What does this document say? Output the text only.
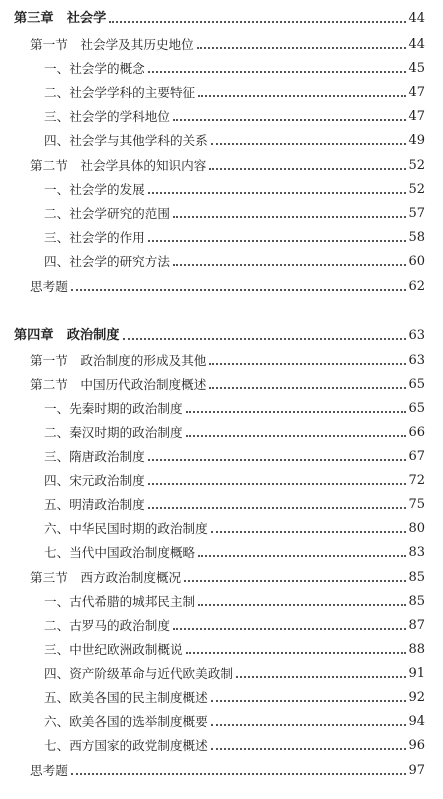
第三章　社会学	44
第一节　社会学及其历史地位	44
一、社会学的概念	45
二、社会学学科的主要特征	47
三、社会学的学科地位	47
四、社会学与其他学科的关系	49
第二节　社会学具体的知识内容	52
一、社会学的发展	52
二、社会学研究的范围	57
三、社会学的作用	58
四、社会学的研究方法	60
思考题	62
第四章　政治制度	63
第一节　政治制度的形成及其他	63
第二节　中国历代政治制度概述	65
一、先秦时期的政治制度	65
二、秦汉时期的政治制度	66
三、隋唐政治制度	67
四、宋元政治制度	72
五、明清政治制度	75
六、中华民国时期的政治制度	80
七、当代中国政治制度概略	83
第三节　西方政治制度概况	85
一、古代希腊的城邦民主制	85
二、古罗马的政治制度	87
三、中世纪欧洲政制概说	88
四、资产阶级革命与近代欧美政制	91
五、欧美各国的民主制度概述	92
六、欧美各国的选举制度概要	94
七、西方国家的政党制度概述	96
思考题	97
